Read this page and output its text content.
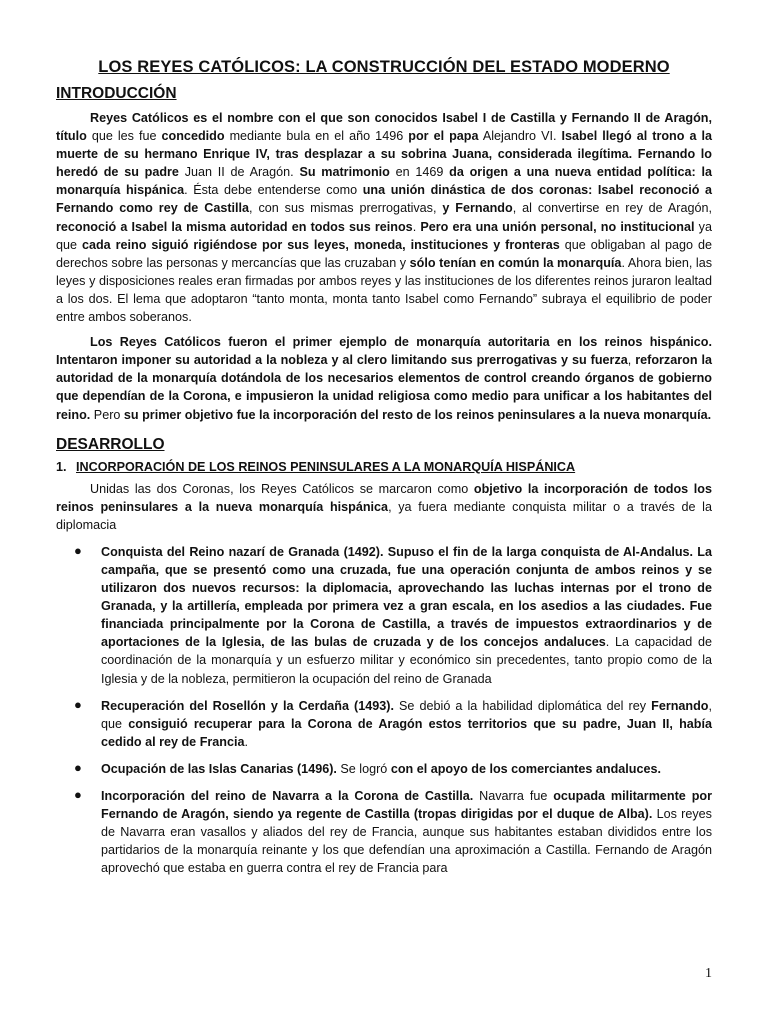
LOS REYES CATÓLICOS: LA CONSTRUCCIÓN DEL ESTADO MODERNO
INTRODUCCIÓN

Reyes Católicos es el nombre con el que son conocidos Isabel I de Castilla y Fernando II de Aragón, título que les fue concedido mediante bula en el año 1496 por el papa Alejandro VI. Isabel llegó al trono a la muerte de su hermano Enrique IV, tras desplazar a su sobrina Juana, considerada ilegítima. Fernando lo heredó de su padre Juan II de Aragón. Su matrimonio en 1469 da origen a una nueva entidad política: la monarquía hispánica. Ésta debe entenderse como una unión dinástica de dos coronas: Isabel reconoció a Fernando como rey de Castilla, con sus mismas prerrogativas, y Fernando, al convertirse en rey de Aragón, reconoció a Isabel la misma autoridad en todos sus reinos. Pero era una unión personal, no institucional ya que cada reino siguió rigiéndose por sus leyes, moneda, instituciones y fronteras que obligaban al pago de derechos sobre las personas y mercancías que las cruzaban y sólo tenían en común la monarquía. Ahora bien, las leyes y disposiciones reales eran firmadas por ambos reyes y las instituciones de los diferentes reinos juraron lealtad a los dos. El lema que adoptaron “tanto monta, monta tanto Isabel como Fernando” subraya el equilibrio de poder entre ambos soberanos.

Los Reyes Católicos fueron el primer ejemplo de monarquía autoritaria en los reinos hispánico. Intentaron imponer su autoridad a la nobleza y al clero limitando sus prerrogativas y su fuerza, reforzaron la autoridad de la monarquía dotándola de los necesarios elementos de control creando órganos de gobierno que dependían de la Corona, e impusieron la unidad religiosa como medio para unificar a los habitantes del reino. Pero su primer objetivo fue la incorporación del resto de los reinos peninsulares a la nueva monarquía.

DESARROLLO
1. INCORPORACIÓN DE LOS REINOS PENINSULARES A LA MONARQUÍA HISPÁNICA

Unidas las dos Coronas, los Reyes Católicos se marcaron como objetivo la incorporación de todos los reinos peninsulares a la nueva monarquía hispánica, ya fuera mediante conquista militar o a través de la diplomacia

● Conquista del Reino nazarí de Granada (1492). Supuso el fin de la larga conquista de Al-Andalus. La campaña, que se presentó como una cruzada, fue una operación conjunta de ambos reinos y se utilizaron dos nuevos recursos: la diplomacia, aprovechando las luchas internas por el trono de Granada, y la artillería, empleada por primera vez a gran escala, en los asedios a las ciudades. Fue financiada principalmente por la Corona de Castilla, a través de impuestos extraordinarios y de aportaciones de la Iglesia, de las bulas de cruzada y de los concejos andaluces. La capacidad de coordinación de la monarquía y un esfuerzo militar y económico sin precedentes, tanto propio como de la Iglesia y de la nobleza, permitieron la ocupación del reino de Granada
● Recuperación del Rosellón y la Cerdaña (1493). Se debió a la habilidad diplomática del rey Fernando, que consiguió recuperar para la Corona de Aragón estos territorios que su padre, Juan II, había cedido al rey de Francia.
● Ocupación de las Islas Canarias (1496). Se logró con el apoyo de los comerciantes andaluces.
● Incorporación del reino de Navarra a la Corona de Castilla. Navarra fue ocupada militarmente por Fernando de Aragón, siendo ya regente de Castilla (tropas dirigidas por el duque de Alba). Los reyes de Navarra eran vasallos y aliados del rey de Francia, aunque sus habitantes estaban divididos entre los partidarios de la monarquía reinante y los que defendían una aproximación a Castilla. Fernando de Aragón aprovechó que estaba en guerra contra el rey de Francia para
1
